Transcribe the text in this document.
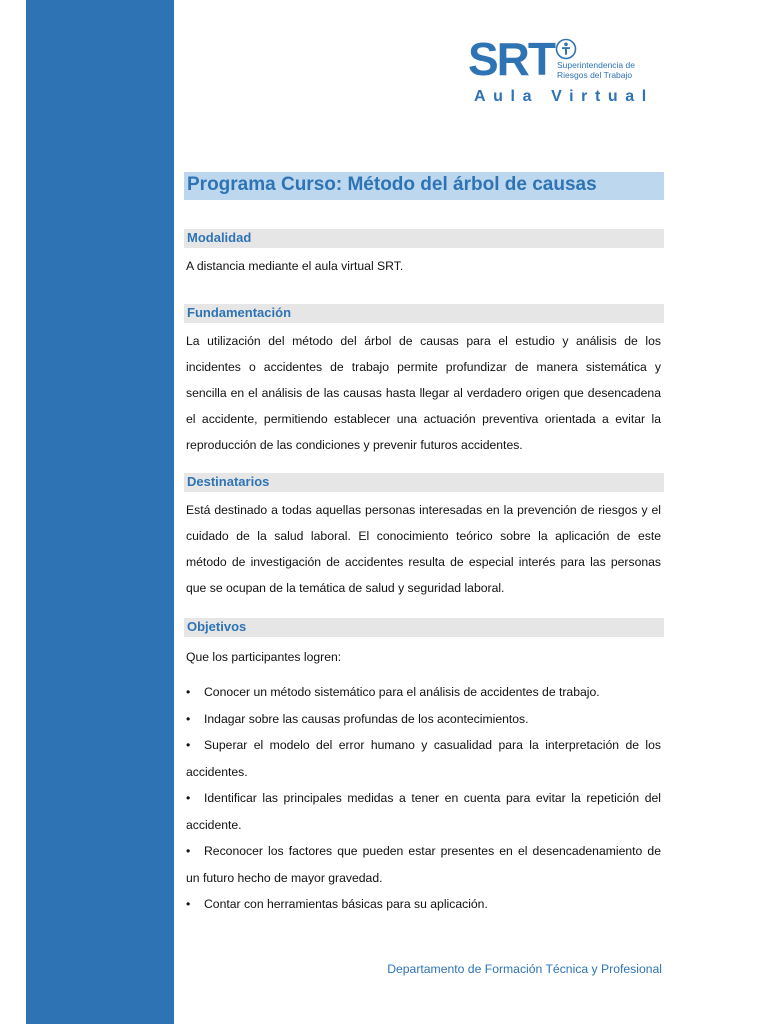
SRT Superintendencia de
Riesgos del Trabajo
Aula Virtual
Programa Curso: Método del árbol de causas
Modalidad
A distancia mediante el aula virtual SRT.
Fundamentación
La utilización del método del árbol de causas para el estudio y análisis de los
incidentes o accidentes de trabajo permite profundizar de manera sistemática y
sencilla en el análisis de las causas hasta llegar al verdadero origen que desencadena
el accidente, permitiendo establecer una actuación preventiva orientada a evitar la
reproducción de las condiciones y prevenir futuros accidentes.
Destinatarios
Está destinado a todas aquellas personas interesadas en la prevención de riesgos y el
cuidado de la salud laboral. El conocimiento teórico sobre la aplicación de este
método de investigación de accidentes resulta de especial interés para las personas
que se ocupan de la temática de salud y seguridad laboral.
Objetivos
Que los participantes logren:
• Conocer un método sistemático para el análisis de accidentes de trabajo.
• Indagar sobre las causas profundas de los acontecimientos.
• Superar el modelo del error humano y casualidad para la interpretación de los
accidentes.
• Identificar las principales medidas a tener en cuenta para evitar la repetición del
accidente.
• Reconocer los factores que pueden estar presentes en el desencadenamiento de
un futuro hecho de mayor gravedad.
• Contar con herramientas básicas para su aplicación.
Departamento de Formación Técnica y Profesional
